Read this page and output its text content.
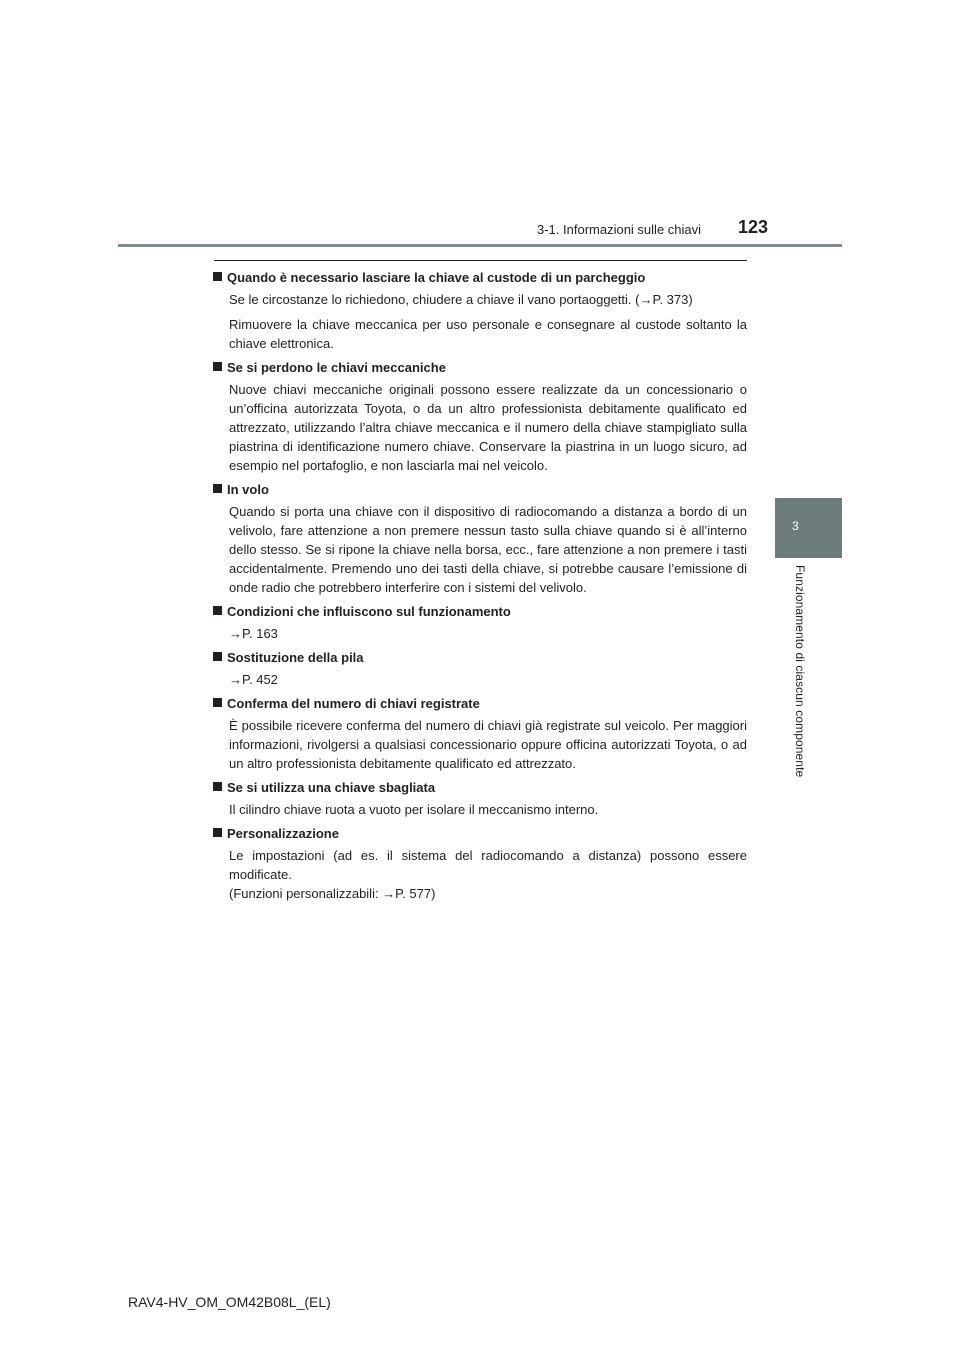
3-1. Informazioni sulle chiavi 123
3
Funzionamento di ciascun componente
Quando è necessario lasciare la chiave al custode di un parcheggio
Se le circostanze lo richiedono, chiudere a chiave il vano portaoggetti. (→P. 373)
Rimuovere la chiave meccanica per uso personale e consegnare al custode soltanto la chiave elettronica.
Se si perdono le chiavi meccaniche
Nuove chiavi meccaniche originali possono essere realizzate da un concessionario o un’officina autorizzata Toyota, o da un altro professionista debitamente qualificato ed attrezzato, utilizzando l’altra chiave meccanica e il numero della chiave stampigliato sulla piastrina di identificazione numero chiave. Conservare la piastrina in un luogo sicuro, ad esempio nel portafoglio, e non lasciarla mai nel veicolo.
In volo
Quando si porta una chiave con il dispositivo di radiocomando a distanza a bordo di un velivolo, fare attenzione a non premere nessun tasto sulla chiave quando si è all’interno dello stesso. Se si ripone la chiave nella borsa, ecc., fare attenzione a non premere i tasti accidentalmente. Premendo uno dei tasti della chiave, si potrebbe causare l’emissione di onde radio che potrebbero interferire con i sistemi del velivolo.
Condizioni che influiscono sul funzionamento
→P. 163
Sostituzione della pila
→P. 452
Conferma del numero di chiavi registrate
È possibile ricevere conferma del numero di chiavi già registrate sul veicolo. Per maggiori informazioni, rivolgersi a qualsiasi concessionario oppure officina autorizzati Toyota, o ad un altro professionista debitamente qualificato ed attrezzato.
Se si utilizza una chiave sbagliata
Il cilindro chiave ruota a vuoto per isolare il meccanismo interno.
Personalizzazione
Le impostazioni (ad es. il sistema del radiocomando a distanza) possono essere modificate.
(Funzioni personalizzabili: →P. 577)
RAV4-HV_OM_OM42B08L_(EL)
